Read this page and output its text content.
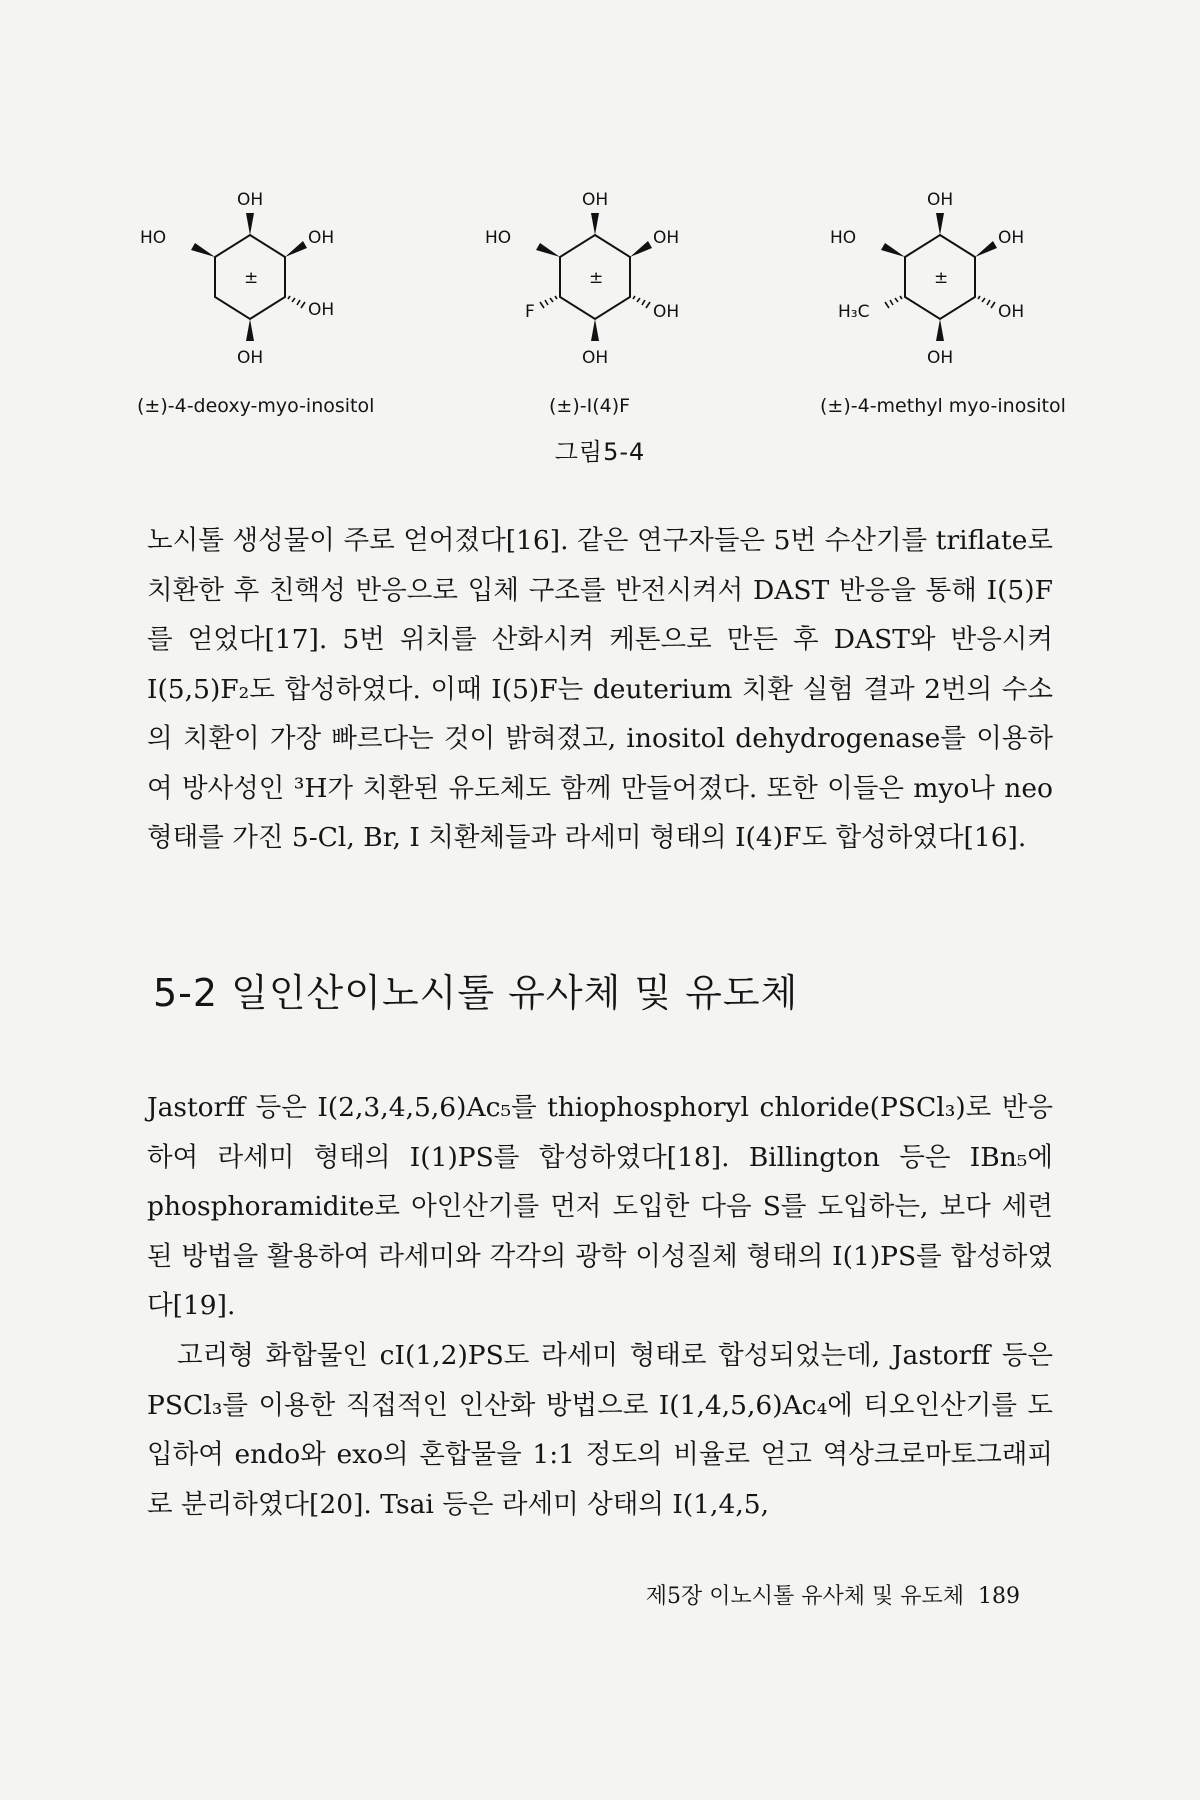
OH
HO	OH
OH
OH
±
(±)-4-deoxy-myo-inositol
OH
HO	OH
F	OH
OH
±
(±)-I(4)F
OH
HO	OH
H₃C	OH
OH
±
(±)-4-methyl myo-inositol
그림5-4

노시톨 생성물이 주로 얻어졌다[16]. 같은 연구자들은 5번 수산기를 triflate로 치환한 후 친핵성 반응으로 입체 구조를 반전시켜서 DAST 반응을 통해 I(5)F를 얻었다[17]. 5번 위치를 산화시켜 케톤으로 만든 후 DAST와 반응시켜 I(5,5)F₂도 합성하였다. 이때 I(5)F는 deuterium 치환 실험 결과 2번의 수소의 치환이 가장 빠르다는 것이 밝혀졌고, inositol dehydrogenase를 이용하여 방사성인 ³H가 치환된 유도체도 함께 만들어졌다. 또한 이들은 myo나 neo 형태를 가진 5-Cl, Br, I 치환체들과 라세미 형태의 I(4)F도 합성하였다[16].

5-2 일인산이노시톨 유사체 및 유도체

Jastorff 등은 I(2,3,4,5,6)Ac₅를 thiophosphoryl chloride(PSCl₃)로 반응하여 라세미 형태의 I(1)PS를 합성하였다[18]. Billington 등은 IBn₅에 phosphoramidite로 아인산기를 먼저 도입한 다음 S를 도입하는, 보다 세련된 방법을 활용하여 라세미와 각각의 광학 이성질체 형태의 I(1)PS를 합성하였다[19].

고리형 화합물인 cI(1,2)PS도 라세미 형태로 합성되었는데, Jastorff 등은 PSCl₃를 이용한 직접적인 인산화 방법으로 I(1,4,5,6)Ac₄에 티오인산기를 도입하여 endo와 exo의 혼합물을 1:1 정도의 비율로 얻고 역상크로마토그래피로 분리하였다[20]. Tsai 등은 라세미 상태의 I(1,4,5,

제5장 이노시톨 유사체 및 유도체 189
